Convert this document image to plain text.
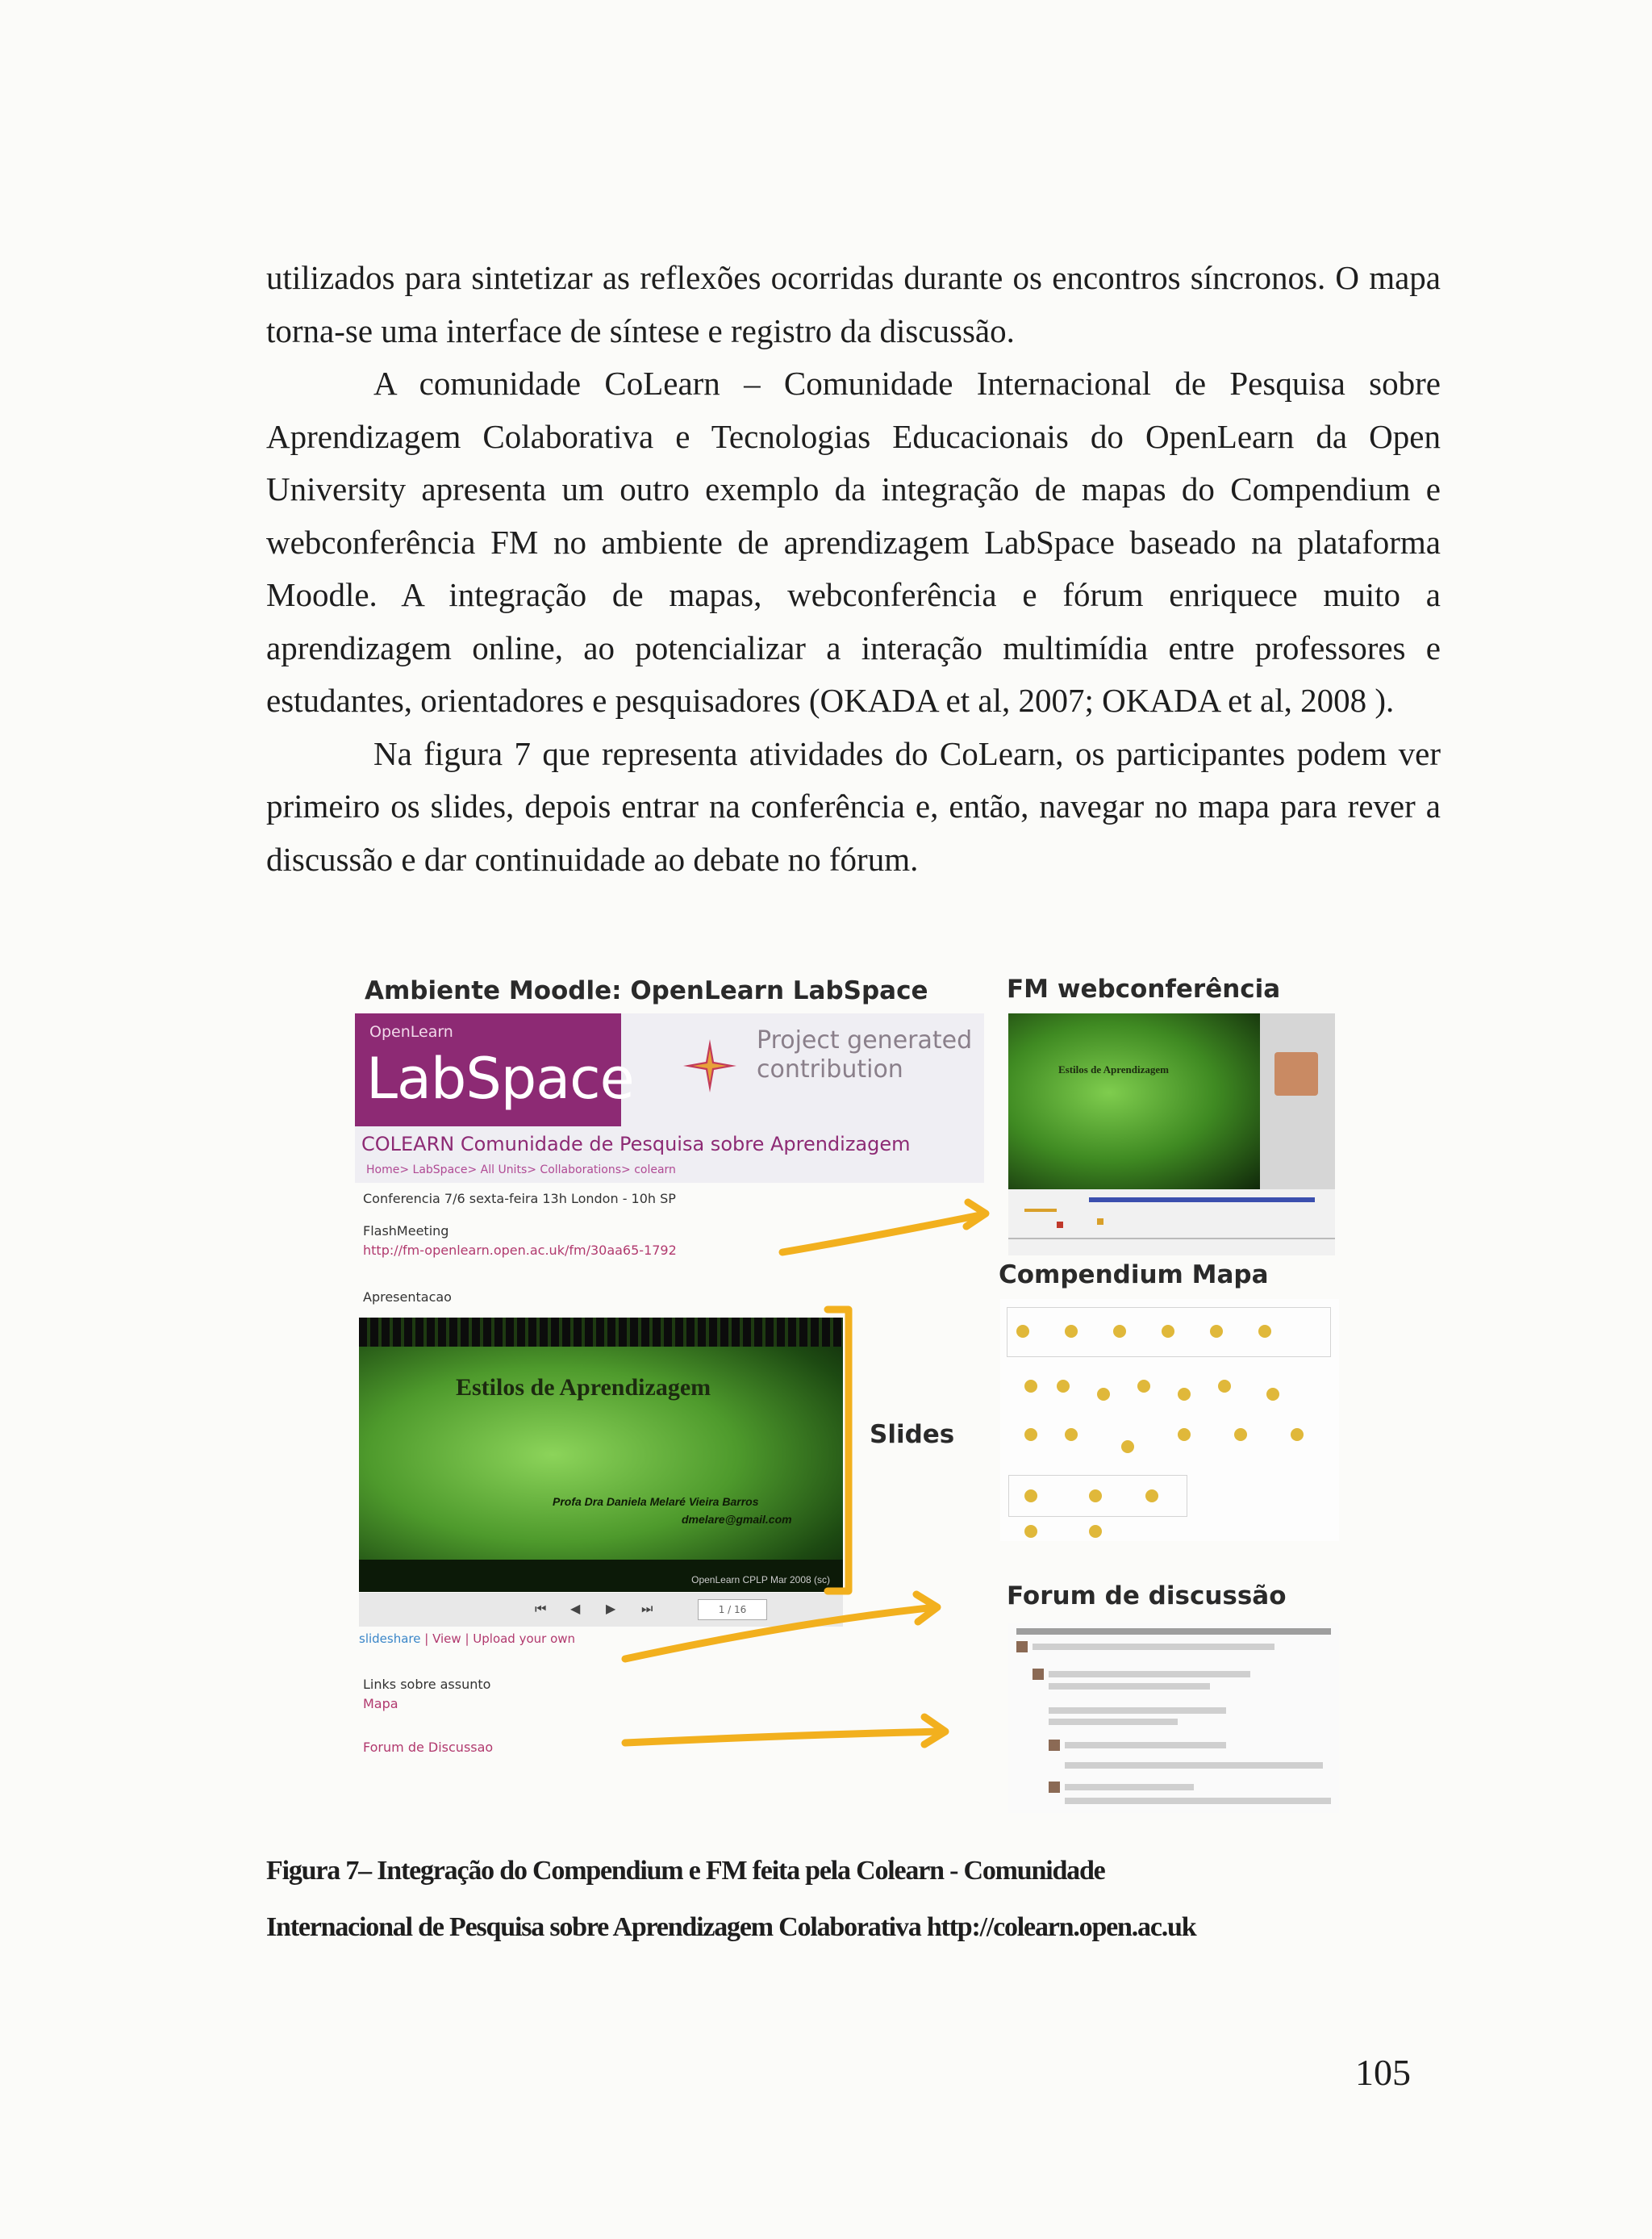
utilizados para sintetizar as reflexões ocorridas durante os encontros síncronos. O mapa torna-se uma interface de síntese e registro da discussão.

A comunidade CoLearn – Comunidade Internacional de Pesquisa sobre Aprendizagem Colaborativa e Tecnologias Educacionais do OpenLearn da Open University apresenta um outro exemplo da integração de mapas do Compendium e webconferência FM no ambiente de aprendizagem LabSpace baseado na plataforma Moodle. A integração de mapas, webconferência e fórum enriquece muito a aprendizagem online, ao potencializar a interação multimídia entre professores e estudantes, orientadores e pesquisadores (OKADA et al, 2007; OKADA et al, 2008 ).

Na figura 7 que representa atividades do CoLearn, os participantes podem ver primeiro os slides, depois entrar na conferência e, então, navegar no mapa para rever a discussão e dar continuidade ao debate no fórum.

Ambiente Moodle: OpenLearn LabSpace	FM webconferência
Compendium Mapa
Forum de discussão
Slides
OpenLearn
LabSpace
Project generated contribution
COLEARN Comunidade de Pesquisa sobre Aprendizagem
Home> LabSpace> All Units> Collaborations> colearn
Conferencia 7/6 sexta-feira 13h London - 10h SP
FlashMeeting
http://fm-openlearn.open.ac.uk/fm/30aa65-1792
Apresentacao
Estilos de Aprendizagem
Profa Dra Daniela Melaré Vieira Barros
dmelare@gmail.com
OpenLearn CPLP Mar 2008 (sc)
⏮ ◀ ▶ ⏭	1 / 16
slideshare | View | Upload your own
Links sobre assunto
Mapa
Forum de Discussao
Estilos de Aprendizagem
Figura 7– Integração do Compendium e FM feita pela Colearn - Comunidade
Internacional de Pesquisa sobre Aprendizagem Colaborativa http://colearn.open.ac.uk
105
